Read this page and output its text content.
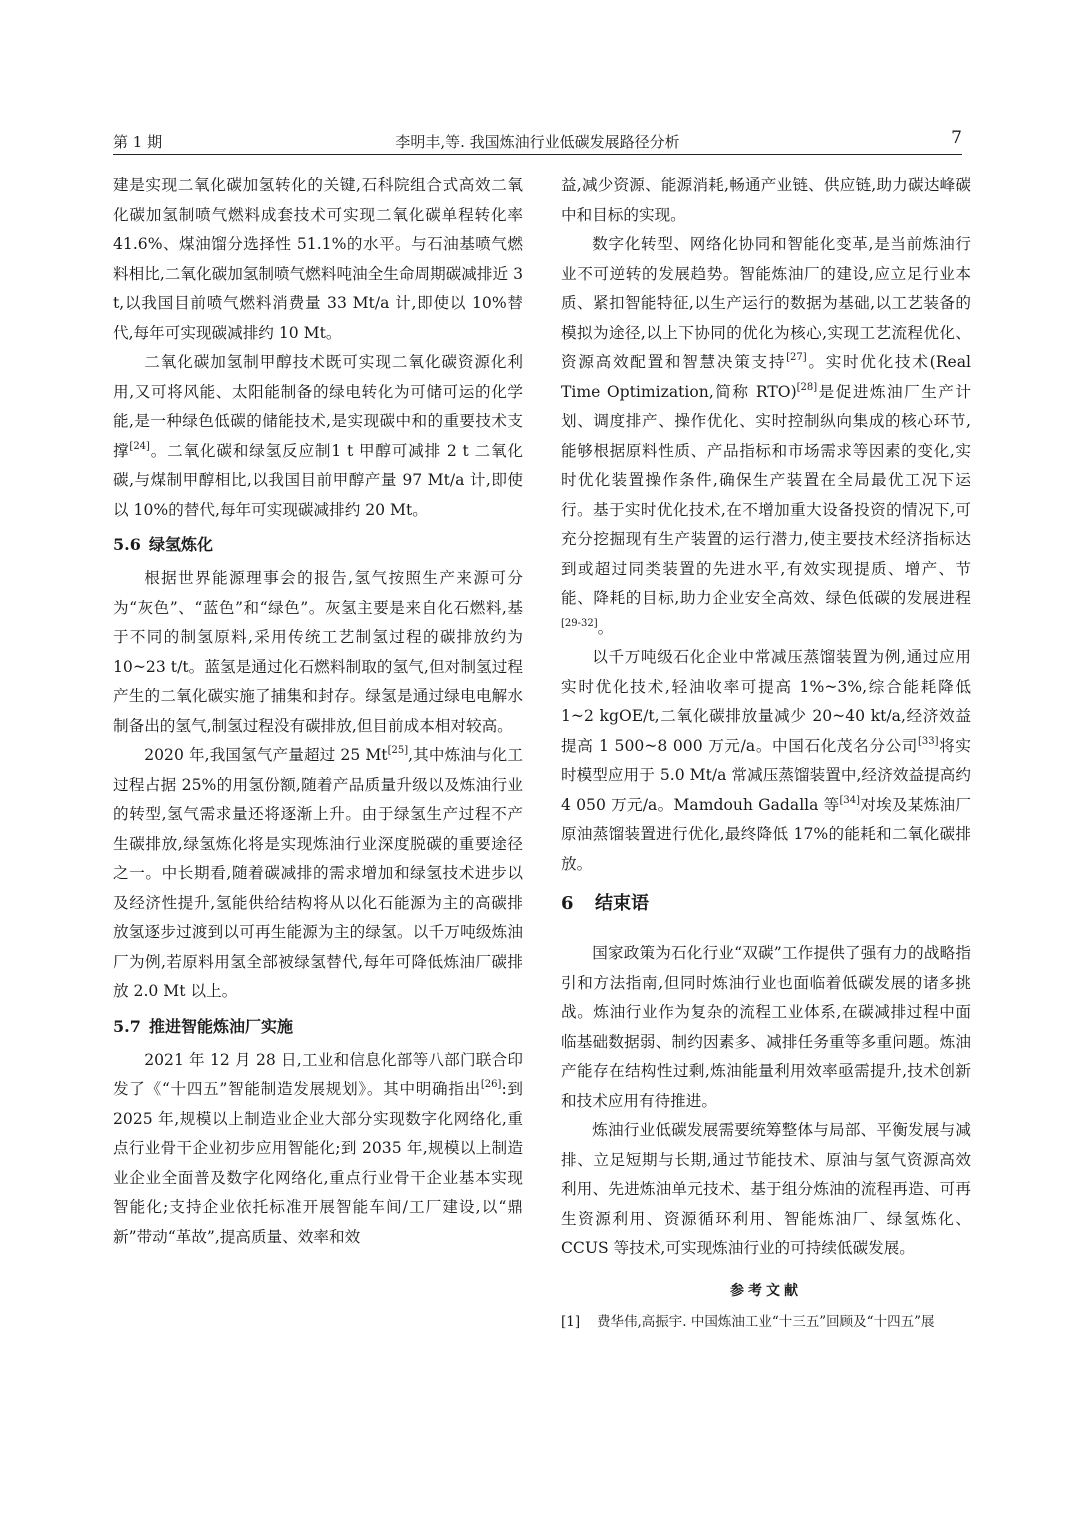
第 1 期	李明丰,等. 我国炼油行业低碳发展路径分析	7

建是实现二氧化碳加氢转化的关键,石科院组合式高效二氧化碳加氢制喷气燃料成套技术可实现二氧化碳单程转化率 41.6%、煤油馏分选择性 51.1%的水平。与石油基喷气燃料相比,二氧化碳加氢制喷气燃料吨油全生命周期碳减排近 3 t,以我国目前喷气燃料消费量 33 Mt/a 计,即使以 10%替代,每年可实现碳减排约 10 Mt。

二氧化碳加氢制甲醇技术既可实现二氧化碳资源化利用,又可将风能、太阳能制备的绿电转化为可储可运的化学能,是一种绿色低碳的储能技术,是实现碳中和的重要技术支撑[24]。二氧化碳和绿氢反应制1 t 甲醇可减排 2 t 二氧化碳,与煤制甲醇相比,以我国目前甲醇产量 97 Mt/a 计,即使以 10%的替代,每年可实现碳减排约 20 Mt。

5.6 绿氢炼化

根据世界能源理事会的报告,氢气按照生产来源可分为“灰色”、“蓝色”和“绿色”。灰氢主要是来自化石燃料,基于不同的制氢原料,采用传统工艺制氢过程的碳排放约为 10~23 t/t。蓝氢是通过化石燃料制取的氢气,但对制氢过程产生的二氧化碳实施了捕集和封存。绿氢是通过绿电电解水制备出的氢气,制氢过程没有碳排放,但目前成本相对较高。

2020 年,我国氢气产量超过 25 Mt[25],其中炼油与化工过程占据 25%的用氢份额,随着产品质量升级以及炼油行业的转型,氢气需求量还将逐渐上升。由于绿氢生产过程不产生碳排放,绿氢炼化将是实现炼油行业深度脱碳的重要途径之一。中长期看,随着碳减排的需求增加和绿氢技术进步以及经济性提升,氢能供给结构将从以化石能源为主的高碳排放氢逐步过渡到以可再生能源为主的绿氢。以千万吨级炼油厂为例,若原料用氢全部被绿氢替代,每年可降低炼油厂碳排放 2.0 Mt 以上。

5.7 推进智能炼油厂实施

2021 年 12 月 28 日,工业和信息化部等八部门联合印发了《“十四五”智能制造发展规划》。其中明确指出[26]:到 2025 年,规模以上制造业企业大部分实现数字化网络化,重点行业骨干企业初步应用智能化;到 2035 年,规模以上制造业企业全面普及数字化网络化,重点行业骨干企业基本实现智能化;支持企业依托标准开展智能车间/工厂建设,以“鼎新”带动“革故”,提高质量、效率和效

益,减少资源、能源消耗,畅通产业链、供应链,助力碳达峰碳中和目标的实现。

数字化转型、网络化协同和智能化变革,是当前炼油行业不可逆转的发展趋势。智能炼油厂的建设,应立足行业本质、紧扣智能特征,以生产运行的数据为基础,以工艺装备的模拟为途径,以上下协同的优化为核心,实现工艺流程优化、资源高效配置和智慧决策支持[27]。实时优化技术(Real Time Optimization,简称 RTO)[28]是促进炼油厂生产计划、调度排产、操作优化、实时控制纵向集成的核心环节,能够根据原料性质、产品指标和市场需求等因素的变化,实时优化装置操作条件,确保生产装置在全局最优工况下运行。基于实时优化技术,在不增加重大设备投资的情况下,可充分挖掘现有生产装置的运行潜力,使主要技术经济指标达到或超过同类装置的先进水平,有效实现提质、增产、节能、降耗的目标,助力企业安全高效、绿色低碳的发展进程[29-32]。

以千万吨级石化企业中常减压蒸馏装置为例,通过应用实时优化技术,轻油收率可提高 1%~3%,综合能耗降低 1~2 kgOE/t,二氧化碳排放量减少 20~40 kt/a,经济效益提高 1 500~8 000 万元/a。中国石化茂名分公司[33]将实时模型应用于 5.0 Mt/a 常减压蒸馏装置中,经济效益提高约 4 050 万元/a。Mamdouh Gadalla 等[34]对埃及某炼油厂原油蒸馏装置进行优化,最终降低 17%的能耗和二氧化碳排放。

6 结束语

国家政策为石化行业“双碳”工作提供了强有力的战略指引和方法指南,但同时炼油行业也面临着低碳发展的诸多挑战。炼油行业作为复杂的流程工业体系,在碳减排过程中面临基础数据弱、制约因素多、减排任务重等多重问题。炼油产能存在结构性过剩,炼油能量利用效率亟需提升,技术创新和技术应用有待推进。

炼油行业低碳发展需要统筹整体与局部、平衡发展与减排、立足短期与长期,通过节能技术、原油与氢气资源高效利用、先进炼油单元技术、基于组分炼油的流程再造、可再生资源利用、资源循环利用、智能炼油厂、绿氢炼化、CCUS 等技术,可实现炼油行业的可持续低碳发展。

参考文献

[1] 费华伟,高振宇. 中国炼油工业“十三五”回顾及“十四五”展
